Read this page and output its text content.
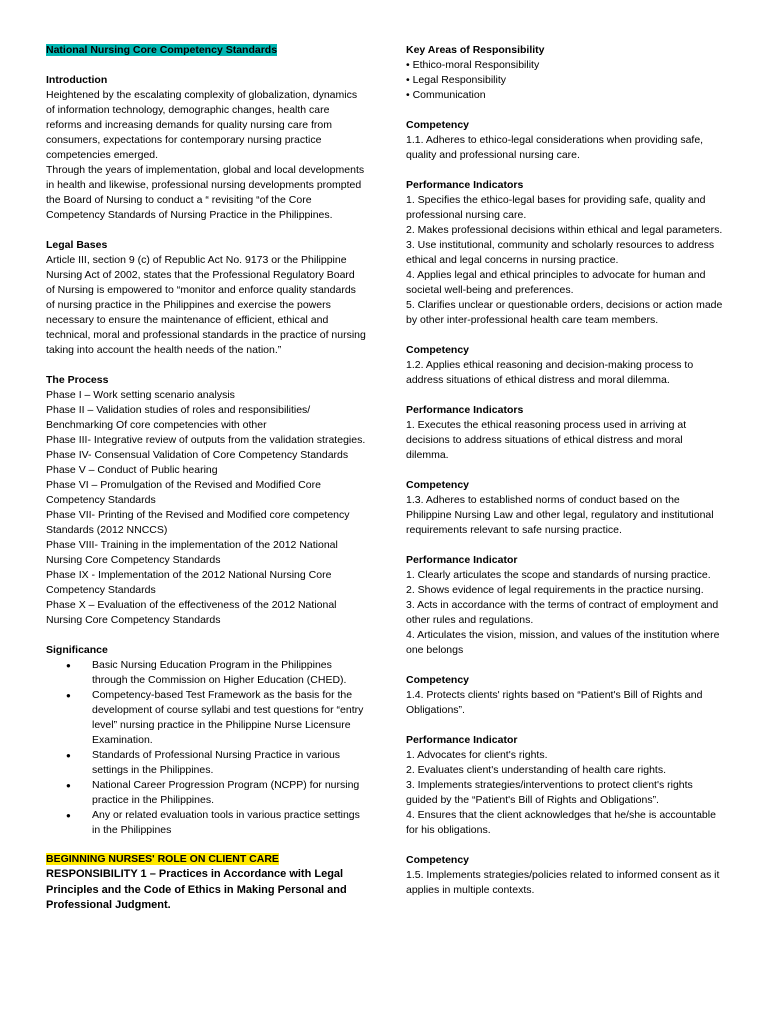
National Nursing Core Competency Standards
Introduction

Heightened by the escalating complexity of globalization, dynamics of information technology, demographic changes, health care reforms and increasing demands for quality nursing care from consumers, expectations for contemporary nursing practice competencies emerged.

Through the years of implementation, global and local developments in health and likewise, professional nursing developments prompted the Board of Nursing to conduct a “ revisiting “of the Core Competency Standards of Nursing Practice in the Philippines.

Legal Bases

Article III, section 9 (c) of Republic Act No. 9173 or the Philippine Nursing Act of 2002, states that the Professional Regulatory Board of Nursing is empowered to “monitor and enforce quality standards of nursing practice in the Philippines and exercise the powers necessary to ensure the maintenance of efficient, ethical and technical, moral and professional standards in the practice of nursing taking into account the health needs of the nation.”

The Process
Phase I – Work setting scenario analysis
Phase II – Validation studies of roles and responsibilities/ Benchmarking Of core competencies with other
Phase III- Integrative review of outputs from the validation strategies.
Phase IV- Consensual Validation of Core Competency Standards
Phase V – Conduct of Public hearing
Phase VI – Promulgation of the Revised and Modified Core Competency Standards
Phase VII- Printing of the Revised and Modified core competency Standards (2012 NNCCS)
Phase VIII- Training in the implementation of the 2012 National Nursing Core Competency Standards
Phase IX - Implementation of the 2012 National Nursing Core Competency Standards
Phase X – Evaluation of the effectiveness of the 2012 National Nursing Core Competency Standards
Significance
● Basic Nursing Education Program in the Philippines through the Commission on Higher Education (CHED).
● Competency-based Test Framework as the basis for the development of course syllabi and test questions for “entry level” nursing practice in the Philippine Nurse Licensure Examination.
● Standards of Professional Nursing Practice in various settings in the Philippines.
● National Career Progression Program (NCPP) for nursing practice in the Philippines.
● Any or related evaluation tools in various practice settings in the Philippines
BEGINNING NURSES' ROLE ON CLIENT CARE
RESPONSIBILITY 1 – Practices in Accordance with Legal Principles and the Code of Ethics in Making Personal and Professional Judgment.
Key Areas of Responsibility
• Ethico-moral Responsibility
• Legal Responsibility
• Communication
Competency
1.1. Adheres to ethico-legal considerations when providing safe, quality and professional nursing care.
Performance Indicators
1. Specifies the ethico-legal bases for providing safe, quality and professional nursing care.
2. Makes professional decisions within ethical and legal parameters.
3. Use institutional, community and scholarly resources to address ethical and legal concerns in nursing practice.
4. Applies legal and ethical principles to advocate for human and societal well-being and preferences.
5. Clarifies unclear or questionable orders, decisions or action made by other inter-professional health care team members.
Competency
1.2. Applies ethical reasoning and decision-making process to address situations of ethical distress and moral dilemma.
Performance Indicators
1. Executes the ethical reasoning process used in arriving at decisions to address situations of ethical distress and moral dilemma.
Competency
1.3. Adheres to established norms of conduct based on the Philippine Nursing Law and other legal, regulatory and institutional requirements relevant to safe nursing practice.
Performance Indicator
1. Clearly articulates the scope and standards of nursing practice.
2. Shows evidence of legal requirements in the practice nursing.
3. Acts in accordance with the terms of contract of employment and other rules and regulations.
4. Articulates the vision, mission, and values of the institution where one belongs
Competency
1.4. Protects clients' rights based on “Patient's Bill of Rights and Obligations”.
Performance Indicator
1. Advocates for client's rights.
2. Evaluates client's understanding of health care rights.
3. Implements strategies/interventions to protect client's rights guided by the “Patient's Bill of Rights and Obligations”.
4. Ensures that the client acknowledges that he/she is accountable for his obligations.
Competency
1.5. Implements strategies/policies related to informed consent as it applies in multiple contexts.
